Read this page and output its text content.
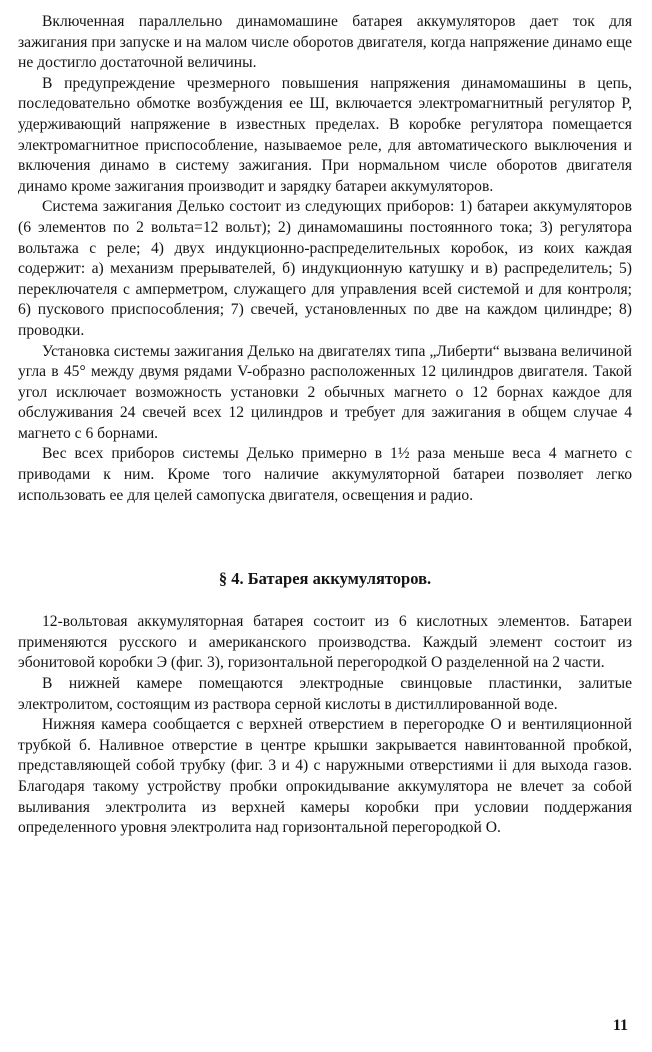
Включенная параллельно динамомашине батарея аккумуляторов дает ток для зажигания при запуске и на малом числе оборотов двигателя, когда напряжение динамо еще не достигло достаточной величины.

В предупреждение чрезмерного повышения напряжения динамомашины в цепь, последовательно обмотке возбуждения ее Ш, включается электромагнитный регулятор Р, удерживающий напряжение в известных пределах. В коробке регулятора помещается электромагнитное приспособление, называемое реле, для автоматического выключения и включения динамо в систему зажигания. При нормальном числе оборотов двигателя динамо кроме зажигания производит и зарядку батареи аккумуляторов.

Система зажигания Делько состоит из следующих приборов: 1) батареи аккумуляторов (6 элементов по 2 вольта=12 вольт); 2) динамомашины постоянного тока; 3) регулятора вольтажа с реле; 4) двух индукционно-распределительных коробок, из коих каждая содержит: а) механизм прерывателей, б) индукционную катушку и в) распределитель; 5) переключателя с амперметром, служащего для управления всей системой и для контроля; 6) пускового приспособления; 7) свечей, установленных по две на каждом цилиндре; 8) проводки.

Установка системы зажигания Делько на двигателях типа „Либерти“ вызвана величиной угла в 45° между двумя рядами V-образно расположенных 12 цилиндров двигателя. Такой угол исключает возможность установки 2 обычных магнето о 12 борнах каждое для обслуживания 24 свечей всех 12 цилиндров и требует для зажигания в общем случае 4 магнето с 6 борнами.

Вес всех приборов системы Делько примерно в 1½ раза меньше веса 4 магнето с приводами к ним. Кроме того наличие аккумуляторной батареи позволяет легко использовать ее для целей самопуска двигателя, освещения и радио.

§ 4. Батарея аккумуляторов.

12-вольтовая аккумуляторная батарея состоит из 6 кислотных элементов. Батареи применяются русского и американского производства. Каждый элемент состоит из эбонитовой коробки Э (фиг. 3), горизонтальной перегородкой О разделенной на 2 части.

В нижней камере помещаются электродные свинцовые пластинки, залитые электролитом, состоящим из раствора серной кислоты в дистиллированной воде.

Нижняя камера сообщается с верхней отверстием в перегородке О и вентиляционной трубкой б. Наливное отверстие в центре крышки закрывается навинтованной пробкой, представляющей собой трубку (фиг. 3 и 4) с наружными отверстиями ii для выхода газов. Благодаря такому устройству пробки опрокидывание аккумулятора не влечет за собой выливания электролита из верхней камеры коробки при условии поддержания определенного уровня электролита над горизонтальной перегородкой О.

11
